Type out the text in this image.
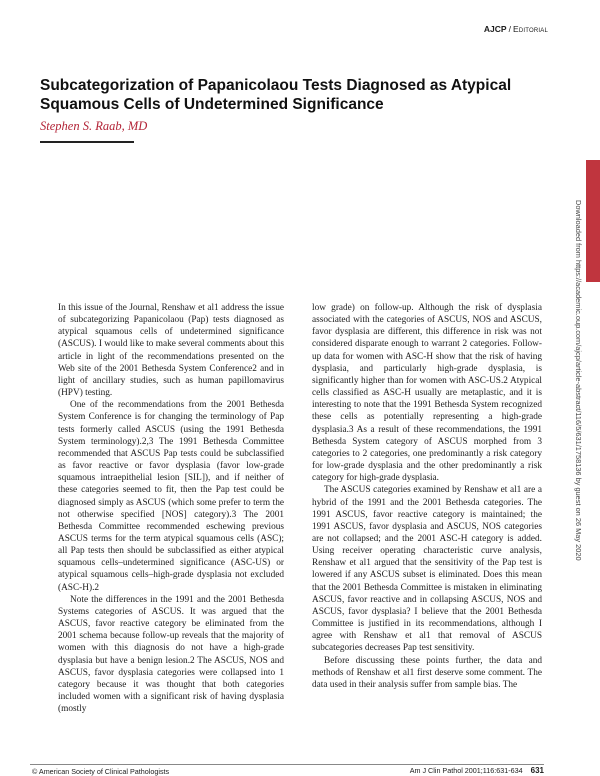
AJCP / Editorial
Subcategorization of Papanicolaou Tests Diagnosed as Atypical Squamous Cells of Undetermined Significance

Stephen S. Raab, MD

Downloaded from https://academic.oup.com/ajcp/article-abstract/116/5/631/1758136 by guest on 26 May 2020

In this issue of the Journal, Renshaw et al1 address the issue of subcategorizing Papanicolaou (Pap) tests diagnosed as atypical squamous cells of undetermined significance (ASCUS). I would like to make several comments about this article in light of the recommendations presented on the Web site of the 2001 Bethesda System Conference2 and in light of ancillary studies, such as human papillomavirus (HPV) testing.

One of the recommendations from the 2001 Bethesda System Conference is for changing the terminology of Pap tests formerly called ASCUS (using the 1991 Bethesda System terminology).2,3 The 1991 Bethesda Committee recommended that ASCUS Pap tests could be subclassified as favor reactive or favor dysplasia (favor low-grade squamous intraepithelial lesion [SIL]), and if neither of these categories seemed to fit, then the Pap test could be diagnosed simply as ASCUS (which some prefer to term the not otherwise specified [NOS] category).3 The 2001 Bethesda Committee recommended eschewing previous ASCUS terms for the term atypical squamous cells (ASC); all Pap tests then should be subclassified as either atypical squamous cells–undetermined significance (ASC-US) or atypical squamous cells–high-grade dysplasia not excluded (ASC-H).2

Note the differences in the 1991 and the 2001 Bethesda Systems categories of ASCUS. It was argued that the ASCUS, favor reactive category be eliminated from the 2001 schema because follow-up reveals that the majority of women with this diagnosis do not have a high-grade dysplasia but have a benign lesion.2 The ASCUS, NOS and ASCUS, favor dysplasia categories were collapsed into 1 category because it was thought that both categories included women with a significant risk of having dysplasia (mostly

low grade) on follow-up. Although the risk of dysplasia associated with the categories of ASCUS, NOS and ASCUS, favor dysplasia are different, this difference in risk was not considered disparate enough to warrant 2 categories. Follow-up data for women with ASC-H show that the risk of having dysplasia, and particularly high-grade dysplasia, is significantly higher than for women with ASC-US.2 Atypical cells classified as ASC-H usually are metaplastic, and it is interesting to note that the 1991 Bethesda System recognized these cells as potentially representing a high-grade dysplasia.3 As a result of these recommendations, the 1991 Bethesda System category of ASCUS morphed from 3 categories to 2 categories, one predominantly a risk category for low-grade dysplasia and the other predominantly a risk category for high-grade dysplasia.

The ASCUS categories examined by Renshaw et al1 are a hybrid of the 1991 and the 2001 Bethesda categories. The 1991 ASCUS, favor reactive category is maintained; the 1991 ASCUS, favor dysplasia and ASCUS, NOS categories are not collapsed; and the 2001 ASC-H category is added. Using receiver operating characteristic curve analysis, Renshaw et al1 argued that the sensitivity of the Pap test is lowered if any ASCUS subset is eliminated. Does this mean that the 2001 Bethesda Committee is mistaken in eliminating ASCUS, favor reactive and in collapsing ASCUS, NOS and ASCUS, favor dysplasia? I believe that the 2001 Bethesda Committee is justified in its recommendations, although I agree with Renshaw et al1 that removal of ASCUS subcategories decreases Pap test sensitivity.

Before discussing these points further, the data and methods of Renshaw et al1 first deserve some comment. The data used in their analysis suffer from sample bias. The

© American Society of Clinical Pathologists	Am J Clin Pathol 2001;116:631-634 631
